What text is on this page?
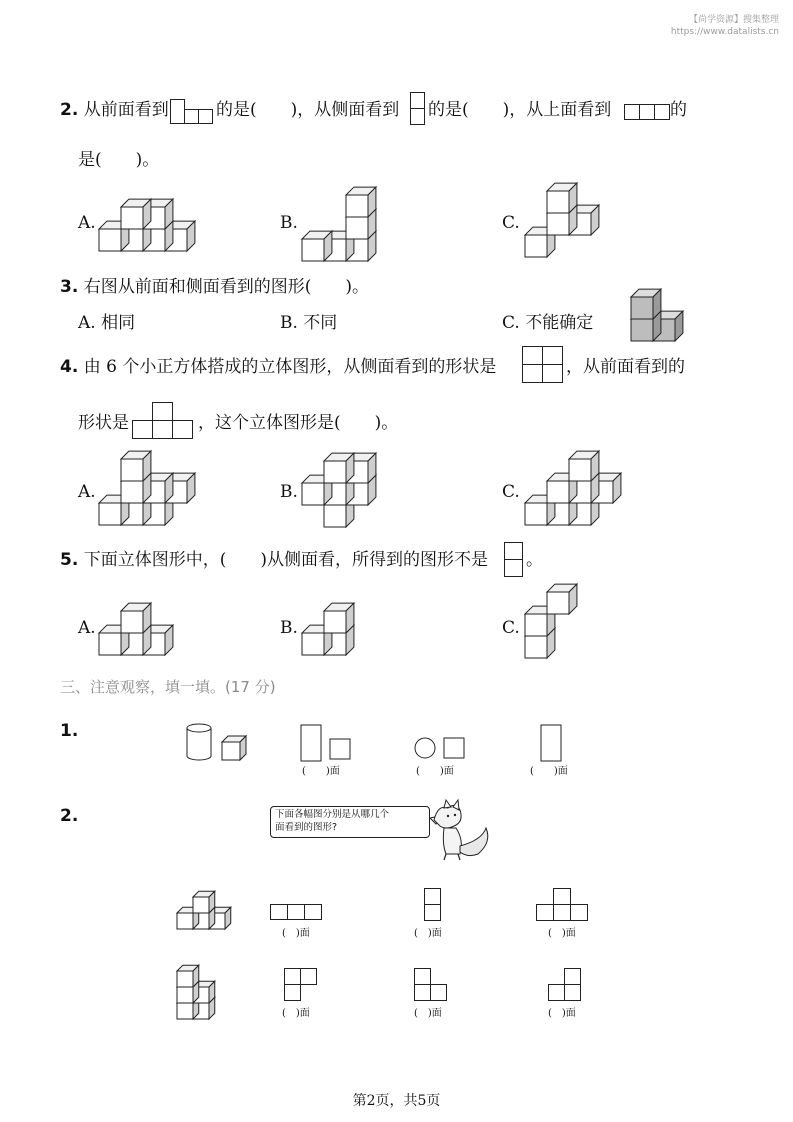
【尚学资源】搜集整理
https://www.datalists.cn
2. 从前面看到	的是(　　)，从侧面看到 的是(　　)，从上面看到	的
是(　　)。
A.	B.	C.
3. 右图从前面和侧面看到的图形(　　)。
A. 相同	B. 不同	C. 不能确定
4. 由 6 个小正方体搭成的立体图形，从侧面看到的形状是	，从前面看到的
形状是	，这个立体图形是(　　)。
A.	B.	C.
5. 下面立体图形中，(　　)从侧面看，所得到的图形不是 。
A.	B.	C.
三、注意观察，填一填。(17 分)
1.
(　　)面	(　　)面	(　　)面
2.	下面各幅图分别是从哪几个
面看到的图形?
(　)面	(　)面	(　)面
(　)面	(　)面	(　)面
第2页，共5页
